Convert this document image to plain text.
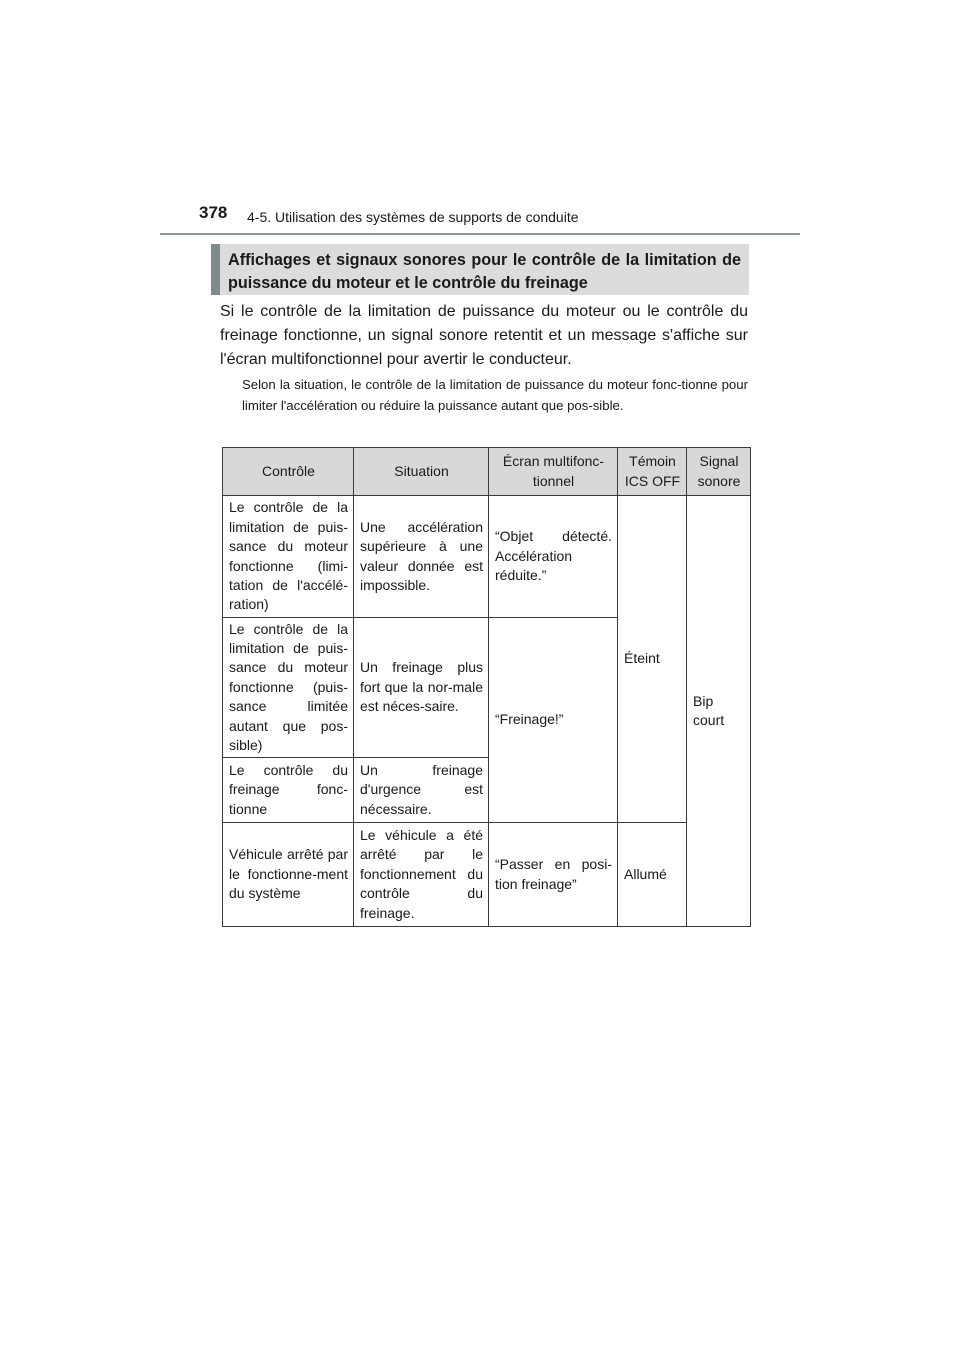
378 4-5. Utilisation des systèmes de supports de conduite
Affichages et signaux sonores pour le contrôle de la limitation de puissance du moteur et le contrôle du freinage
Si le contrôle de la limitation de puissance du moteur ou le contrôle du freinage fonctionne, un signal sonore retentit et un message s'affiche sur l'écran multifonctionnel pour avertir le conducteur.
Selon la situation, le contrôle de la limitation de puissance du moteur fonc-tionne pour limiter l'accélération ou réduire la puissance autant que pos-sible.
Contrôle	Situation	Écran multifonc-tionnel	Témoin ICS OFF	Signal sonore
Le contrôle de la limitation de puis-sance du moteur fonctionne (limi-tation de l'accélé-ration)	Une accélération supérieure à une valeur donnée est impossible.	“Objet détecté. Accélération réduite.”	Éteint	Bip court
Le contrôle de la limitation de puis-sance du moteur fonctionne (puis-sance limitée autant que pos-sible)	Un freinage plus fort que la nor-male est néces-saire.	“Freinage!”		
Le contrôle du freinage fonc-tionne	Un freinage d'urgence est nécessaire.			
Véhicule arrêté par le fonctionne-ment du système	Le véhicule a été arrêté par le fonctionnement du contrôle du freinage.	“Passer en posi-tion freinage”	Allumé	
